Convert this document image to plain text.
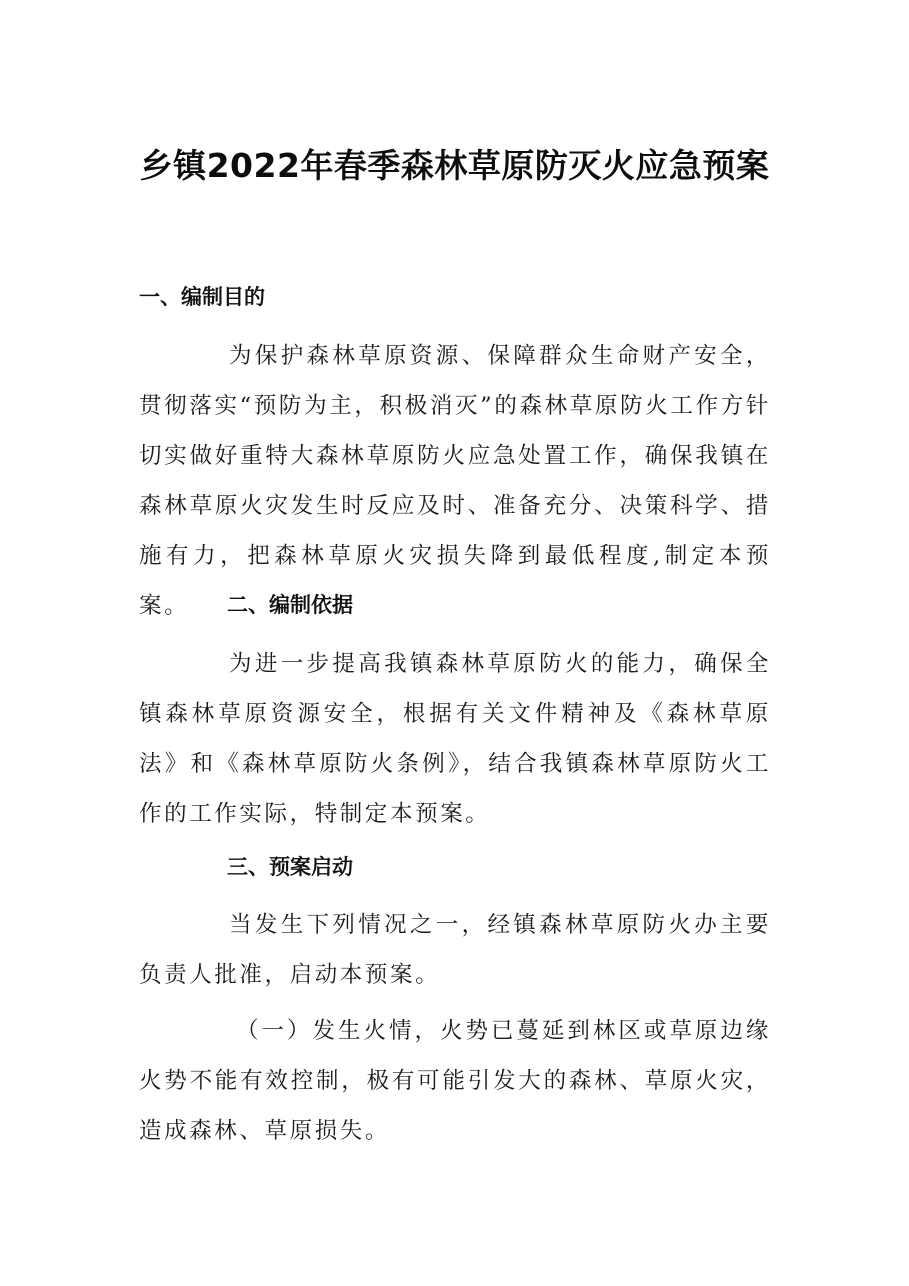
乡镇2022年春季森林草原防灭火应急预案
一、编制目的
为保护森林草原资源、保障群众生命财产安全，贯彻落实“预防为主，积极消灭”的森林草原防火工作方针切实做好重特大森林草原防火应急处置工作，确保我镇在森林草原火灾发生时反应及时、准备充分、决策科学、措施有力，把森林草原火灾损失降到最低程度,制定本预案。	二、编制依据
为进一步提高我镇森林草原防火的能力，确保全镇森林草原资源安全，根据有关文件精神及《森林草原法》和《森林草原防火条例》，结合我镇森林草原防火工作的工作实际，特制定本预案。
三、预案启动
当发生下列情况之一，经镇森林草原防火办主要负责人批准，启动本预案。
（一）发生火情，火势已蔓延到林区或草原边缘火势不能有效控制，极有可能引发大的森林、草原火灾，造成森林、草原损失。
